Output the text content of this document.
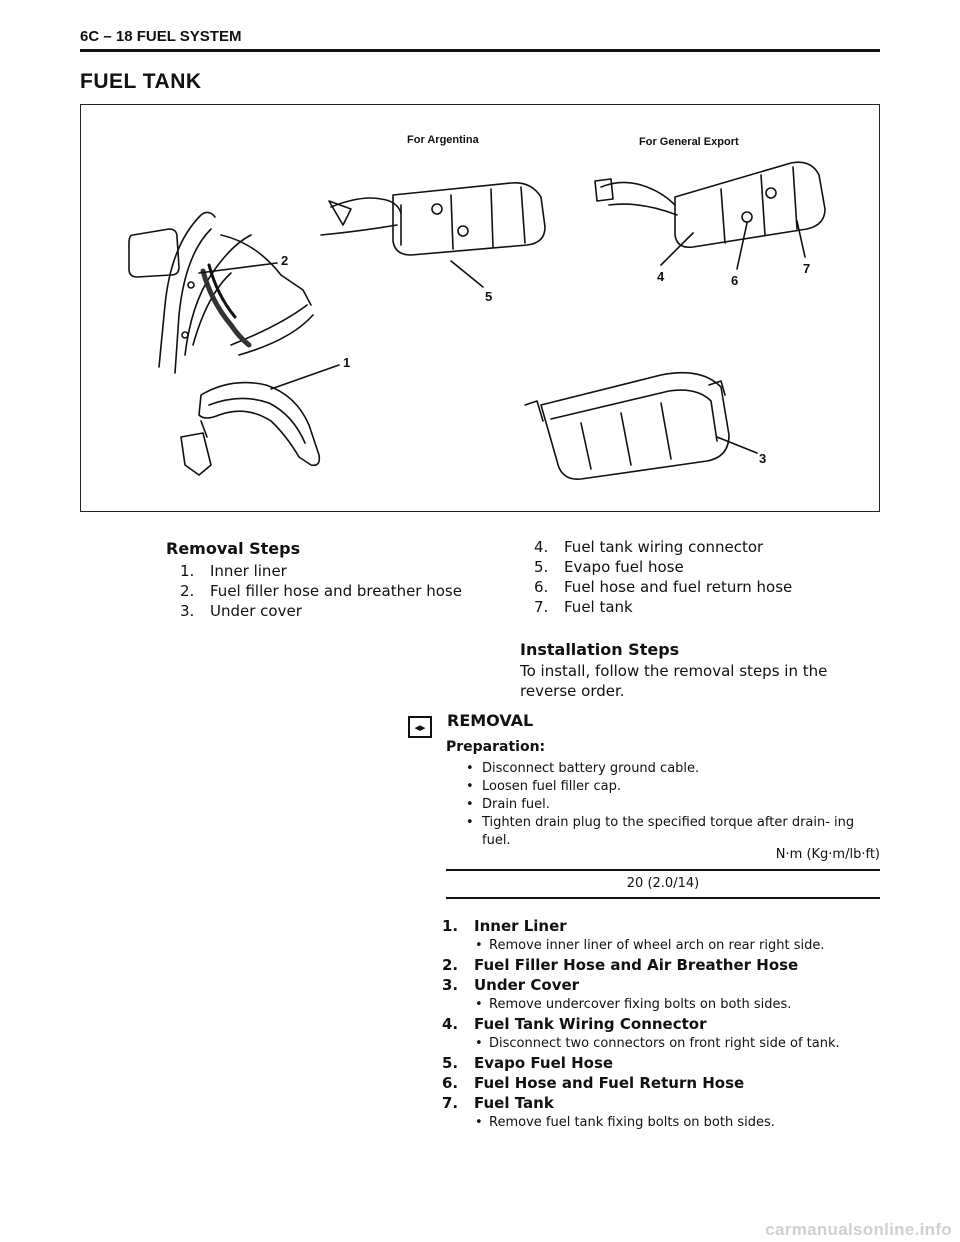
6C – 18 FUEL SYSTEM
FUEL TANK
For Argentina	For General Export
2
1
5
4	6
7
3
Removal Steps
1.	Inner liner
2.	Fuel filler hose and breather hose
3.	Under cover
4.	Fuel tank wiring connector
5.	Evapo fuel hose
6.	Fuel hose and fuel return hose
7.	Fuel tank
Installation Steps
To install, follow the removal steps in the reverse order.
◂▸	REMOVAL
Preparation:
• Disconnect battery ground cable.
• Loosen fuel filler cap.
• Drain fuel.
• Tighten drain plug to the specified torque after drain- ing fuel.
N·m (Kg·m/lb·ft)
20 (2.0/14)
1.	Inner Liner
• Remove inner liner of wheel arch on rear right side.
2.	Fuel Filler Hose and Air Breather Hose
3.	Under Cover
• Remove undercover fixing bolts on both sides.
4.	Fuel Tank Wiring Connector
• Disconnect two connectors on front right side of tank.
5.	Evapo Fuel Hose
6.	Fuel Hose and Fuel Return Hose
7.	Fuel Tank
• Remove fuel tank fixing bolts on both sides.
carmanualsonline.info
